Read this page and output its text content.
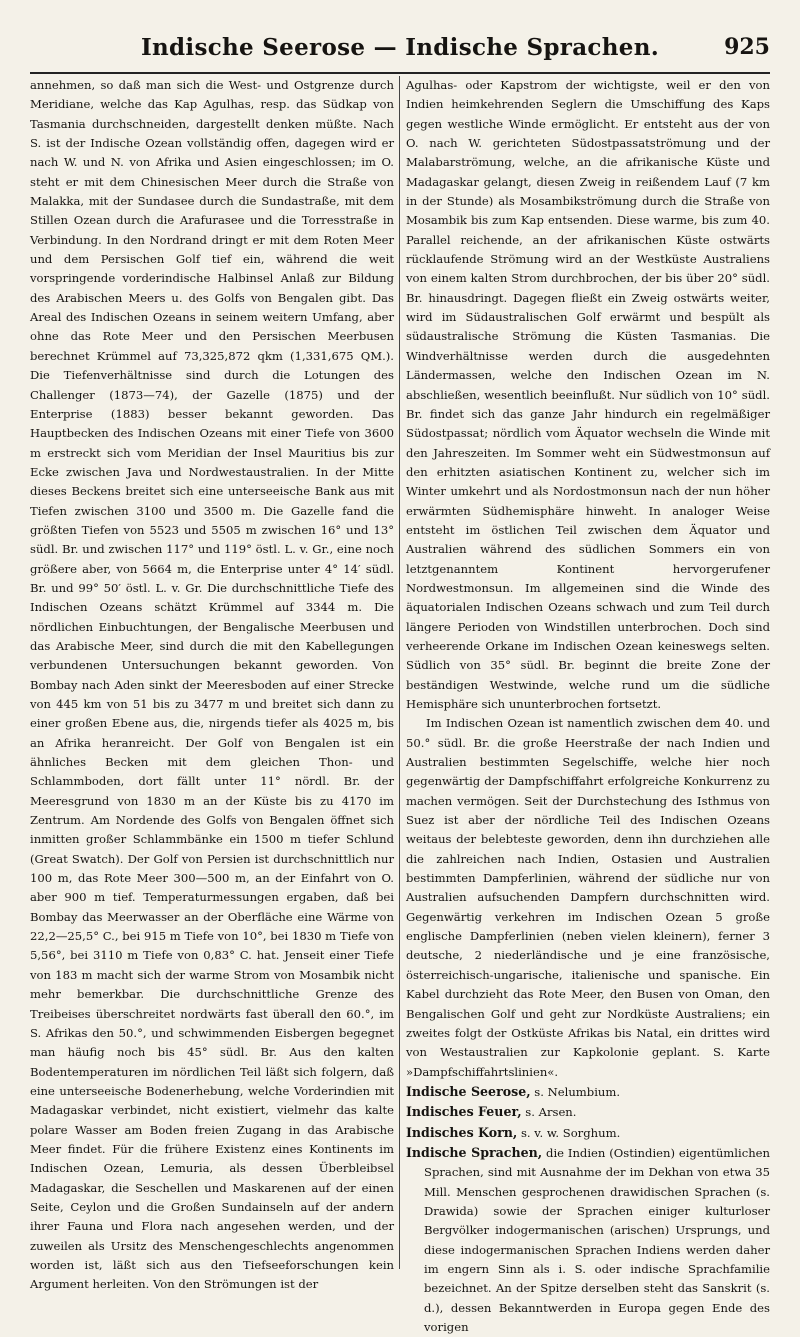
Indische Seerose — Indische Sprachen.	925

annehmen, so daß man sich die West- und Ostgrenze durch Meridiane, welche das Kap Agulhas, resp. das Südkap von Tasmania durchschneiden, dargestellt denken müßte. Nach S. ist der Indische Ozean vollständig offen, dagegen wird er nach W. und N. von Afrika und Asien eingeschlossen; im O. steht er mit dem Chinesischen Meer durch die Straße von Malakka, mit der Sundasee durch die Sundastraße, mit dem Stillen Ozean durch die Arafurasee und die Torresstraße in Verbindung. In den Nordrand dringt er mit dem Roten Meer und dem Persischen Golf tief ein, während die weit vorspringende vorderindische Halbinsel Anlaß zur Bildung des Arabischen Meers u. des Golfs von Bengalen gibt. Das Areal des Indischen Ozeans in seinem weitern Umfang, aber ohne das Rote Meer und den Persischen Meerbusen berechnet Krümmel auf 73,325,872 qkm (1,331,675 QM.). Die Tiefenverhältnisse sind durch die Lotungen des Challenger (1873—74), der Gazelle (1875) und der Enterprise (1883) besser bekannt geworden. Das Hauptbecken des Indischen Ozeans mit einer Tiefe von 3600 m erstreckt sich vom Meridian der Insel Mauritius bis zur Ecke zwischen Java und Nordwestaustralien. In der Mitte dieses Beckens breitet sich eine unterseeische Bank aus mit Tiefen zwischen 3100 und 3500 m. Die Gazelle fand die größten Tiefen von 5523 und 5505 m zwischen 16° und 13° südl. Br. und zwischen 117° und 119° östl. L. v. Gr., eine noch größere aber, von 5664 m, die Enterprise unter 4° 14′ südl. Br. und 99° 50′ östl. L. v. Gr. Die durchschnittliche Tiefe des Indischen Ozeans schätzt Krümmel auf 3344 m. Die nördlichen Einbuchtungen, der Bengalische Meerbusen und das Arabische Meer, sind durch die mit den Kabellegungen verbundenen Untersuchungen bekannt geworden. Von Bombay nach Aden sinkt der Meeresboden auf einer Strecke von 445 km von 51 bis zu 3477 m und breitet sich dann zu einer großen Ebene aus, die, nirgends tiefer als 4025 m, bis an Afrika heranreicht. Der Golf von Bengalen ist ein ähnliches Becken mit dem gleichen Thon- und Schlammboden, dort fällt unter 11° nördl. Br. der Meeresgrund von 1830 m an der Küste bis zu 4170 im Zentrum. Am Nordende des Golfs von Bengalen öffnet sich inmitten großer Schlammbänke ein 1500 m tiefer Schlund (Great Swatch). Der Golf von Persien ist durchschnittlich nur 100 m, das Rote Meer 300—500 m, an der Einfahrt von O. aber 900 m tief. Temperaturmessungen ergaben, daß bei Bombay das Meerwasser an der Oberfläche eine Wärme von 22,2—25,5° C., bei 915 m Tiefe von 10°, bei 1830 m Tiefe von 5,56°, bei 3110 m Tiefe von 0,83° C. hat. Jenseit einer Tiefe von 183 m macht sich der warme Strom von Mosambik nicht mehr bemerkbar. Die durchschnittliche Grenze des Treibeises überschreitet nordwärts fast überall den 60.°, im S. Afrikas den 50.°, und schwimmenden Eisbergen begegnet man häufig noch bis 45° südl. Br. Aus den kalten Bodentemperaturen im nördlichen Teil läßt sich folgern, daß eine unterseeische Bodenerhebung, welche Vorderindien mit Madagaskar verbindet, nicht existiert, vielmehr das kalte polare Wasser am Boden freien Zugang in das Arabische Meer findet. Für die frühere Existenz eines Kontinents im Indischen Ozean, Lemuria, als dessen Überbleibsel Madagaskar, die Seschellen und Maskarenen auf der einen Seite, Ceylon und die Großen Sundainseln auf der andern ihrer Fauna und Flora nach angesehen werden, und der zuweilen als Ursitz des Menschengeschlechts angenommen worden ist, läßt sich aus den Tiefseeforschungen kein Argument herleiten. Von den Strömungen ist der

Agulhas- oder Kapstrom der wichtigste, weil er den von Indien heimkehrenden Seglern die Umschiffung des Kaps gegen westliche Winde ermöglicht. Er entsteht aus der von O. nach W. gerichteten Südostpassatströmung und der Malabarströmung, welche, an die afrikanische Küste und Madagaskar gelangt, diesen Zweig in reißendem Lauf (7 km in der Stunde) als Mosambikströmung durch die Straße von Mosambik bis zum Kap entsenden. Diese warme, bis zum 40. Parallel reichende, an der afrikanischen Küste ostwärts rücklaufende Strömung wird an der Westküste Australiens von einem kalten Strom durchbrochen, der bis über 20° südl. Br. hinausdringt. Dagegen fließt ein Zweig ostwärts weiter, wird im Südaustralischen Golf erwärmt und bespült als südaustralische Strömung die Küsten Tasmanias. Die Windverhältnisse werden durch die ausgedehnten Ländermassen, welche den Indischen Ozean im N. abschließen, wesentlich beeinflußt. Nur südlich von 10° südl. Br. findet sich das ganze Jahr hindurch ein regelmäßiger Südostpassat; nördlich vom Äquator wechseln die Winde mit den Jahreszeiten. Im Sommer weht ein Südwestmonsun auf den erhitzten asiatischen Kontinent zu, welcher sich im Winter umkehrt und als Nordostmonsun nach der nun höher erwärmten Südhemisphäre hinweht. In analoger Weise entsteht im östlichen Teil zwischen dem Äquator und Australien während des südlichen Sommers ein von letztgenanntem Kontinent hervorgerufener Nordwestmonsun. Im allgemeinen sind die Winde des äquatorialen Indischen Ozeans schwach und zum Teil durch längere Perioden von Windstillen unterbrochen. Doch sind verheerende Orkane im Indischen Ozean keineswegs selten. Südlich von 35° südl. Br. beginnt die breite Zone der beständigen Westwinde, welche rund um die südliche Hemisphäre sich ununterbrochen fortsetzt.

Im Indischen Ozean ist namentlich zwischen dem 40. und 50.° südl. Br. die große Heerstraße der nach Indien und Australien bestimmten Segelschiffe, welche hier noch gegenwärtig der Dampfschiffahrt erfolgreiche Konkurrenz zu machen vermögen. Seit der Durchstechung des Isthmus von Suez ist aber der nördliche Teil des Indischen Ozeans weitaus der belebteste geworden, denn ihn durchziehen alle die zahlreichen nach Indien, Ostasien und Australien bestimmten Dampferlinien, während der südliche nur von Australien aufsuchenden Dampfern durchschnitten wird. Gegenwärtig verkehren im Indischen Ozean 5 große englische Dampferlinien (neben vielen kleinern), ferner 3 deutsche, 2 niederländische und je eine französische, österreichisch-ungarische, italienische und spanische. Ein Kabel durchzieht das Rote Meer, den Busen von Oman, den Bengalischen Golf und geht zur Nordküste Australiens; ein zweites folgt der Ostküste Afrikas bis Natal, ein drittes wird von Westaustralien zur Kapkolonie geplant. S. Karte »Dampfschiffahrtslinien«.

Indische Seerose, s. Nelumbium.

Indisches Feuer, s. Arsen.

Indisches Korn, s. v. w. Sorghum.

Indische Sprachen, die Indien (Ostindien) eigentümlichen Sprachen, sind mit Ausnahme der im Dekhan von etwa 35 Mill. Menschen gesprochenen drawidischen Sprachen (s. Drawida) sowie der Sprachen einiger kulturloser Bergvölker indogermanischen (arischen) Ursprungs, und diese indogermanischen Sprachen Indiens werden daher im engern Sinn als i. S. oder indische Sprachfamilie bezeichnet. An der Spitze derselben steht das Sanskrit (s. d.), dessen Bekanntwerden in Europa gegen Ende des vorigen
